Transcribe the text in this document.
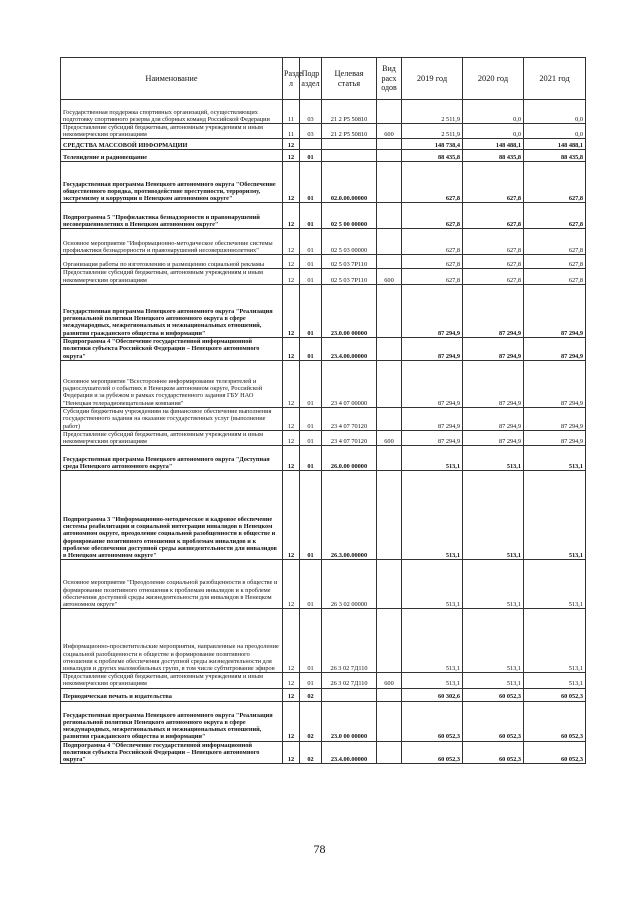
Наименование	Разде л	Подр аздел	Целевая статья	Вид расх одов	2019 год	2020 год	2021 год
Государственная поддержка спортивных организаций, осуществляющих подготовку спортивного резерва для сборных команд Российской Федерации	11	03	21 2 P5 50810		2 511,9	0,0	0,0
Предоставление субсидий бюджетным, автономным учреждениям и иным некоммерческим организациям	11	03	21 2 P5 50810	600	2 511,9	0,0	0,0
СРЕДСТВА МАССОВОЙ ИНФОРМАЦИИ	12				148 738,4	148 488,1	148 488,1
Телевидение и радиовещание	12	01			88 435,8	88 435,8	88 435,8
Государственная программа Ненецкого автономного округа "Обеспечение общественного порядка, противодействие преступности, терроризму, экстремизму и коррупции в Ненецком автономном округе"	12	01	02.0.00.00000		627,8	627,8	627,8
Подпрограмма 5 "Профилактика безнадзорности и правонарушений несовершеннолетних в Ненецком автономном округе"	12	01	02 5 00 00000		627,8	627,8	627,8
Основное мероприятие "Информационно-методическое обеспечение системы профилактики безнадзорности и правонарушений несовершеннолетних"	12	01	02 5 03 00000		627,8	627,8	627,8
Организация работы по изготовлению и размещению социальной рекламы	12	01	02 5 03 7P110		627,8	627,8	627,8
Предоставление субсидий бюджетным, автономным учреждениям и иным некоммерческим организациям	12	01	02 5 03 7P110	600	627,8	627,8	627,8
Государственная программа Ненецкого автономного округа "Реализация региональной политики Ненецкого автономного округа в сфере международных, межрегиональных и межнациональных отношений, развития гражданского общества и информации"	12	01	23.0.00 00000		87 294,9	87 294,9	87 294,9
Подпрограмма 4 "Обеспечение государственной информационной политики субъекта Российской Федерации – Ненецкого автономного округа"	12	01	23.4.00.00000		87 294,9	87 294,9	87 294,9
Основное мероприятие "Всестороннее информирование телезрителей и радиослушателей о событиях в Ненецком автономном округе, Российской Федерации и за рубежом в рамках государственного задания ГБУ НАО "Ненецкая телерадиовещательная компания"	12	01	23 4 07 00000		87 294,9	87 294,9	87 294,9
Субсидии бюджетным учреждениям на финансовое обеспечение выполнения государственного задания на оказание государственных услуг (выполнение работ)	12	01	23 4 07 70120		87 294,9	87 294,9	87 294,9
Предоставление субсидий бюджетным, автономным учреждениям и иным некоммерческим организациям	12	01	23 4 07 70120	600	87 294,9	87 294,9	87 294,9
Государственная программа Ненецкого автономного округа "Доступная среда Ненецкого автономного округа"	12	01	26.0.00 00000		513,1	513,1	513,1
Подпрограмма 3 "Информационно-методическое и кадровое обеспечение системы реабилитации и социальной интеграции инвалидов в Ненецком автономном округе, преодоление социальной разобщенности в обществе и формирование позитивного отношения к проблемам инвалидов и к проблеме обеспечения доступной среды жизнедеятельности для инвалидов в Ненецком автономном округе"	12	01	26.3.00.00000		513,1	513,1	513,1
Основное мероприятие "Преодоление социальной разобщенности в обществе и формирование позитивного отношения к проблемам инвалидов и к проблеме обеспечения доступной среды жизнедеятельности для инвалидов в Ненецком автономном округе"	12	01	26 3 02 00000		513,1	513,1	513,1
Информационно-просветительские мероприятия, направленные на преодоление социальной разобщенности в обществе и формирование позитивного отношения к проблеме обеспечения доступной среды жизнедеятельности для инвалидов и других маломобильных групп, в том числе субтитрование эфиров	12	01	26 3 02 7Д110		513,1	513,1	513,1
Предоставление субсидий бюджетным, автономным учреждениям и иным некоммерческим организациям	12	01	26 3 02 7Д110	600	513,1	513,1	513,1
Периодическая печать и издательства	12	02			60 302,6	60 052,3	60 052,3
Государственная программа Ненецкого автономного округа "Реализация региональной политики Ненецкого автономного округа в сфере международных, межрегиональных и межнациональных отношений, развития гражданского общества и информации"	12	02	23.0 00 00000		60 052,3	60 052,3	60 052,3
Подпрограмма 4 "Обеспечение государственной информационной политики субъекта Российской Федерации – Ненецкого автономного округа"	12	02	23.4.00.00000		60 052,3	60 052,3	60 052,3
78
